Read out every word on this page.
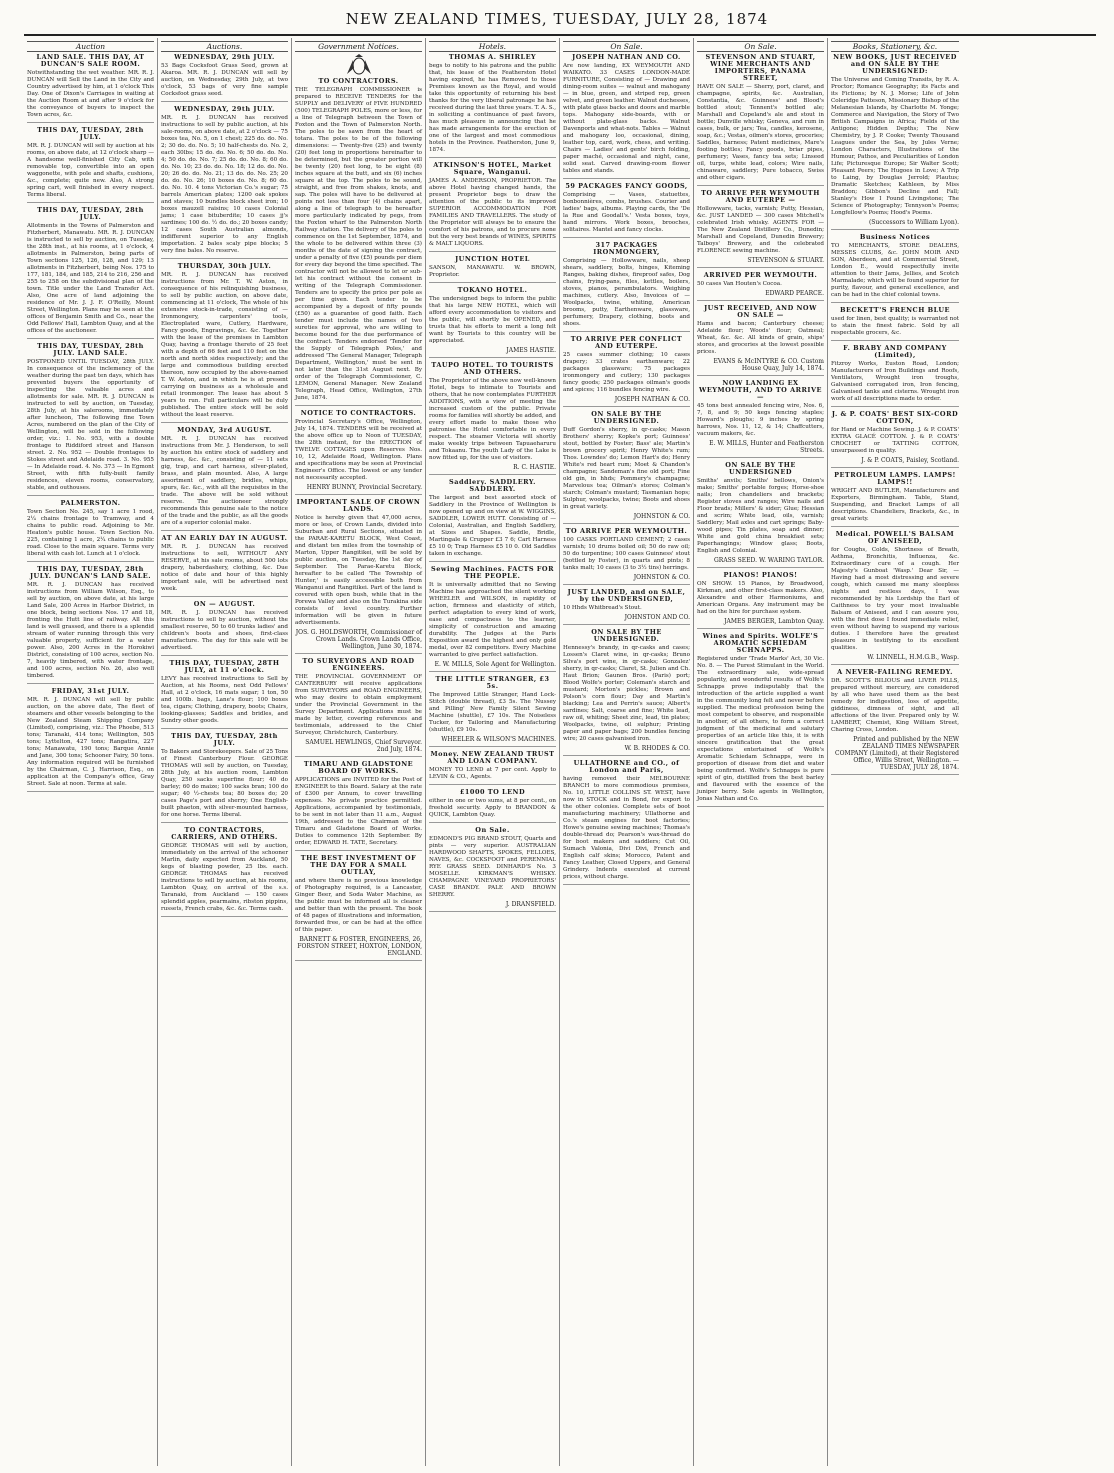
NEW ZEALAND TIMES, TUESDAY, JULY 28, 1874
Auction
LAND SALE. THIS DAY, AT DUNCAN'S SALE ROOM.
Notwithstanding the wet weather. MR. R. J. DUNCAN will Sell the Land in the City and Country advertised by him, at 1 o'clock This Day. One of Dixon's Carriages in waiting at the Auction Room at and after 9 o'clock for the conveyance of buyers to inspect the Town acres, &c.
THIS DAY, TUESDAY, 28th JULY.
MR. R. J. DUNCAN will sell by auction at his rooms, on above date, at 12 o'clock sharp — A handsome well-finished City Cab, with removable top, convertible into an open waggonette, with pole and shafts, cushions, &c., complete; quite new. Also, A strong spring cart, well finished in every respect. Terms liberal.
THIS DAY, TUESDAY, 28th JULY.
Allotments in the Towns of Palmerston and Fitzherbert, Manawatu. MR. R. J. DUNCAN is instructed to sell by auction, on Tuesday, the 28th inst., at his rooms, at 1 o'clock, 4 allotments in Palmerston, being parts of Town sections 125, 126, 128, and 129; 13 allotments in Fitzherbert, being Nos. 175 to 177, 181, 184, and 185, 214 to 216, 256 and 255 to 258 on the subdivisional plan of the town. Title under the Land Transfer Act. Also, One acre of land adjoining the residence of Mr. J. J. F. O'Reilly, Mount Street, Wellington. Plans may be seen at the offices of Benjamin Smith and Co., near the Odd Fellows' Hall, Lambton Quay, and at the offices of the auctioneer.
THIS DAY, TUESDAY, 28th JULY. LAND SALE.
POSTPONED UNTIL TUESDAY, 28th JULY. In consequence of the inclemency of the weather during the past ten days, which has prevented buyers the opportunity of inspecting the valuable acres and allotments for sale. MR. R. J. DUNCAN is instructed to sell by auction, on Tuesday, 28th July, at his salerooms, immediately after luncheon, The following fine Town Acres, numbered on the plan of the City of Wellington, will be sold in the following order, viz.: 1. No. 953, with a double frontage to Riddiford street and Hanson street. 2. No. 952 — Double frontages to Stokes street and Adelaide road. 3. No. 955 — In Adelaide road. 4. No. 373 — In Egmont Street, with fifth fully-built family residences, eleven rooms, conservatory, stable, and outhouses.
PALMERSTON.
Town Section No. 245, say 1 acre 1 rood, 2¼ chains frontage to Tramway, and 4 chains to public road. Adjoining to Mr. Heaton's public house. Town Section No. 225, containing 1 acre, 2¼ chains to public road. Close to the main square. Terms very liberal with cash lot. Lunch at 1 o'clock.
THIS DAY, TUESDAY, 28th JULY. DUNCAN'S LAND SALE.
MR. R. J. DUNCAN has received instructions from William Wilson, Esq., to sell by auction, on above date, at his large Land Sale, 200 Acres in Harbor District, in one block, being sections Nos. 17 and 18, fronting the Hutt line of railway. All this land is well grassed, and there is a splendid stream of water running through this very valuable property, sufficient for a water power. Also, 200 Acres in the Horokiwi District, consisting of 100 acres, section No. 7, heavily timbered, with water frontage, and 100 acres, section No. 26, also well timbered.
FRIDAY, 31st JULY.
MR. R. J. DUNCAN will sell by public auction, on the above date, The fleet of steamers and other vessels belonging to the New Zealand Steam Shipping Company (Limited), comprising, viz.: The Phoebe, 513 tons; Taranaki, 414 tons; Wellington, 505 tons; Lyttelton, 427 tons; Rangatira, 227 tons; Manawatu, 190 tons; Barque Annie and Jane, 300 tons; Schooner Fairy, 50 tons. Any information required will be furnished by the Chairman, C. J. Harrison, Esq., on application at the Company's office, Gray Street. Sale at noon. Terms at sale.
Auctions.
WEDNESDAY, 29th JULY.
53 Bags Cocksfoot Grass Seed, grown at Akaroa. MR. R. J. DUNCAN will sell by auction, on Wednesday, 29th July, at two o'clock, 53 bags of very fine sample Cocksfoot grass seed.
WEDNESDAY, 29th JULY.
MR. R. J. DUNCAN has received instructions to sell by public auction, at his sale-rooms, on above date, at 2 o'clock — 75 boxes tea, No. 5, on 1 chest; 225 do. do. No. 2; 30 do. do. No. 5; 10 half-chests do. No. 2, each 30lbs; 15 do. do. No. 6; 50 do. do. No. 4; 50 do. do. No. 7; 25 do. do. No. 8; 60 do. do. No. 10; 23 do. do. No. 18; 12 do. do. No. 20; 26 do. do. No. 21; 13 do. do. No. 25; 20 do. do. No. 26; 10 boxes do. No. 8; 60 do. do. No. 10. 4 tons Victorian Co.'s sugar; 75 barrels American plates; 1200 oak spokes and staves; 10 bundles block sheet iron; 10 boxes mauzell raisins; 10 cases Colonial jams; 1 case bituberdite; 10 cases jj's sardines; 100 do. ½ do. do.; 20 boxes candy; 12 cases South Australian almonds, indifferent superior to any English importation. 2 bales scaly pipe blocks; 5 very fine bales. No reserve.
THURSDAY, 30th JULY.
MR. R. J. DUNCAN has received instructions from Mr. T. W. Aston, in consequence of his relinquishing business, to sell by public auction, on above date, commencing at 11 o'clock, The whole of his extensive stock-in-trade, consisting of — Ironmongery, carpenters' tools, Electroplated ware, Cutlery, Hardware, Fancy goods, Engravings, &c. &c. Together with the lease of the premises in Lambton Quay, having a frontage thereto of 25 feet with a depth of 66 feet and 110 feet on the north and north sides respectively; and the large and commodious building erected thereon, now occupied by the above-named T. W. Aston, and in which he is at present carrying on business as a wholesale and retail ironmonger. The lease has about 5 years to run. Full particulars will be duly published. The entire stock will be sold without the least reserve.
MONDAY, 3rd AUGUST.
MR. R. J. DUNCAN has received instructions from Mr. J. Henderson, to sell by auction his entire stock of saddlery and harness, &c. &c., consisting of — 11 sets gig, trap, and cart harness, silver-plated, brass, and plain mounted. Also, A large assortment of saddlery, bridles, whips, spurs, &c. &c., with all the requisites in the trade. The above will be sold without reserve. The auctioneer strongly recommends this genuine sale to the notice of the trade and the public, as all the goods are of a superior colonial make.
AT AN EARLY DAY IN AUGUST.
MR. R. J. DUNCAN has received instructions to sell, WITHOUT ANY RESERVE, at his sale rooms, about 500 lots drapery, haberdashery, clothing, &c. Due notice of date and hour of this highly important sale, will be advertised next week.
ON — AUGUST.
MR. R. J. DUNCAN has received instructions to sell by auction, without the smallest reserve, 50 to 60 trunks ladies' and children's boots and shoes, first-class manufacture. The day for this sale will be advertised.
THIS DAY, TUESDAY, 28TH JULY, at 11 o'clock.
LEVY has received instructions to Sell by Auction, at his Rooms, next Odd Fellows' Hall, at 2 o'clock, 16 mats sugar; 1 ton, 50 and 100lb. bags, Lane's flour; 100 boxes tea, cigars; Clothing, drapery, boots; Chairs, looking-glasses; Saddles and bridles, and Sundry other goods.
THIS DAY, TUESDAY, 28th JULY.
To Bakers and Storekeepers. Sale of 25 Tons of Finest Canterbury Flour. GEORGE THOMAS will sell by auction, on Tuesday, 28th July, at his auction room, Lambton Quay, 250 sacks superfine flour; 40 do barley; 60 do maize; 100 sacks bran; 100 do sugar; 40 ½-chests tea; 80 boxes do; 20 cases Page's port and sherry; One English-built phaeton, with silver-mounted harness, for one horse. Terms liberal.
TO CONTRACTORS, CARRIERS, AND OTHERS.
GEORGE THOMAS will sell by auction, immediately on the arrival of the schooner Marlin, daily expected from Auckland, 50 kegs of blasting powder, 25 lbs. each. GEORGE THOMAS has received instructions to sell by auction, at his rooms, Lambton Quay, on arrival of the s.s. Taranaki, from Auckland — 150 cases splendid apples, pearmains, ribston pippins, russets, French crabs, &c. &c. Terms cash.
Government Notices.
TO CONTRACTORS.
THE TELEGRAPH COMMISSIONER is prepared to RECEIVE TENDERS for the SUPPLY and DELIVERY of FIVE HUNDRED (500) TELEGRAPH POLES, more or less, for a line of Telegraph between the Town of Foxton and the Town of Palmerston North. The poles to be sawn from the heart of totara. The poles to be of the following dimensions: — Twenty-five (25) and twenty (20) feet long in proportions hereinafter to be determined, but the greater portion will be twenty (20) feet long, to be eight (8) inches square at the butt, and six (6) inches square at the top. The poles to be sound, straight, and free from shakes, knots, and sap. The poles will have to be delivered at points not less than four (4) chains apart, along a line of telegraph to be hereafter more particularly indicated by pegs, from the Foxton wharf to the Palmerston North Railway station. The delivery of the poles to commence on the 1st September, 1874, and the whole to be delivered within three (3) months of the date of signing the contract, under a penalty of five (£5) pounds per diem for every day beyond the time specified. The contractor will not be allowed to let or sub-let his contract without the consent in writing of the Telegraph Commissioner. Tenders are to specify the price per pole as per time given. Each tender to be accompanied by a deposit of fifty pounds (£50) as a guarantee of good faith. Each tender must include the names of two sureties for approval, who are willing to become bound for the due performance of the contract. Tenders endorsed 'Tender for the Supply of Telegraph Poles,' and addressed 'The General Manager, Telegraph Department, Wellington,' must be sent in not later than the 31st August next. By order of the Telegraph Commissioner, C. LEMON, General Manager. New Zealand Telegraph, Head Office, Wellington, 27th June, 1874.
NOTICE TO CONTRACTORS.
Provincial Secretary's Office, Wellington, July 14, 1874. TENDERS will be received at the above office up to Noon of TUESDAY, the 28th instant, for the ERECTION of TWELVE COTTAGES upon Reserves Nos. 10, 12, Adelaide Road, Wellington. Plans and specifications may be seen at Provincial Engineer's Office. The lowest or any tender not necessarily accepted.
HENRY BUNNY, Provincial Secretary.
IMPORTANT SALE OF CROWN LANDS.
Notice is hereby given that 47,000 acres, more or less, of Crown Lands, divided into Suburban and Rural Sections, situated in the PARAE-KARETU BLOCK, West Coast, and distant ten miles from the township of Marton, Upper Rangitikei, will be sold by public auction, on Tuesday, the 1st day of September. The Parae-Karetu Block, hereafter to be called 'The Township of Hunter,' is easily accessible both from Wanganui and Rangitikei. Part of the land is covered with open bush, while that in the Porewa Valley and also on the Turakina side consists of level country. Further information will be given in future advertisements.
JOS. G. HOLDSWORTH, Commissioner of Crown Lands. Crown Lands Office, Wellington, June 30, 1874.
TO SURVEYORS AND ROAD ENGINEERS.
THE PROVINCIAL GOVERNMENT OF CANTERBURY will receive applications from SURVEYORS and ROAD ENGINEERS, who may desire to obtain employment under the Provincial Government in the Survey Department. Applications must be made by letter, covering references and testimonials, addressed to the Chief Surveyor, Christchurch, Canterbury.
SAMUEL HEWLINGS, Chief Surveyor. 2nd July, 1874.
TIMARU AND GLADSTONE BOARD OF WORKS.
APPLICATIONS are INVITED for the Post of ENGINEER to this Board. Salary at the rate of £300 per Annum, to cover travelling expenses. No private practice permitted. Applications, accompanied by testimonials, to be sent in not later than 11 a.m., August 19th, addressed to the Chairman of the Timaru and Gladstone Board of Works. Duties to commence 12th September. By order, EDWARD H. TATE, Secretary.
THE BEST INVESTMENT OF THE DAY FOR A SMALL OUTLAY,
and where there is no previous knowledge of Photography required, is a Lancaster, Ginger Beer, and Soda Water Machine, as the public must be informed all is cleaner and better than with the present. The book of 48 pages of illustrations and information, forwarded free, or can be had at the office of this paper.
BARNETT & FOSTER, ENGINEERS, 26, FORSTON STREET, HOXTON, LONDON, ENGLAND.
Hotels.
THOMAS A. SHIRLEY
begs to notify to his patrons and the public that, his lease of the Featherston Hotel having expired, he has Removed to those Premises known as the Royal, and would take this opportunity of returning his best thanks for the very liberal patronage he has received during the last three years. T. A. S., in soliciting a continuance of past favors, has much pleasure in announcing that he has made arrangements for the erection of one of the largest and most commodious hotels in the Province. Featherston, June 9, 1874.
ATKINSON'S HOTEL, Market Square, Wanganui.
JAMES A. ANDERSON, PROPRIETOR. The above Hotel having changed hands, the present Proprietor begs to draw the attention of the public to its improved SUPERIOR ACCOMMODATION FOR FAMILIES AND TRAVELLERS. The study of the Proprietor will always be to ensure the comfort of his patrons, and to procure none but the very best brands of WINES, SPIRITS & MALT LIQUORS.
JUNCTION HOTEL
SANSON, MANAWATU. W. BROWN, Proprietor.
TOKANO HOTEL.
The undersigned begs to inform the public that his large NEW HOTEL, which will afford every accommodation to visitors and the public, will shortly be OPENED, and trusts that his efforts to merit a long felt want by Tourists to this country will be appreciated.
JAMES HASTIE.
TAUPO HOTEL. TO TOURISTS AND OTHERS.
The Proprietor of the above now well-known Hotel, begs to intimate to Tourists and others, that he now contemplates FURTHER ADDITIONS, with a view of meeting the increased custom of the public. Private rooms for families will shortly be added, and every effort made to make those who patronise the Hotel comfortable in every respect. The steamer Victoria will shortly make weekly trips between Tapuaeharuru and Tokaanu. The youth Lady of the Lake is now fitted up, for the use of visitors.
R. C. HASTIE.
Saddlery. SADDLERY. SADDLERY.
The largest and best assorted stock of Saddlery in the Province of Wellington is now opened up and on view at W. WIGGINS, SADDLER, LOWER HUTT. Consisting of — Colonial, Australian, and English Saddlery, at Sizes and Shapes. Saddle, Bridle, Martingale & Crupper £3 7 6; Cart Harness £5 10 0; Trap Harness £5 10 0. Old Saddles taken in exchange.
Sewing Machines. FACTS FOR THE PEOPLE.
It is universally admitted that no Sewing Machine has approached the silent working WHEELER and WILSON, in rapidity of action, firmness and elasticity of stitch, perfect adaptation to every kind of work, ease and compactness to the learner, simplicity of construction and amazing durability. The Judges at the Paris Exposition award the highest and only gold medal, over 82 competitors. Every Machine warranted to give perfect satisfaction.
E. W. MILLS, Sole Agent for Wellington.
THE LITTLE STRANGER, £3 5s.
The Improved Little Stranger, Hand Lock-Stitch (double thread), £3 5s. The 'Nussey and Pilling' New Family Silent Sewing Machine (shuttle), £7 10s. The Noiseless Tucker, for Tailoring and Manufacturing (shuttle), £9 10s.
WHEELER & WILSON'S MACHINES.
Money. NEW ZEALAND TRUST AND LOAN COMPANY.
MONEY TO LEND at 7 per cent. Apply to LEVIN & CO., Agents.
£1000 TO LEND
either in one or two sums, at 8 per cent., on freehold security. Apply to BRANDON & QUICK, Lambton Quay.
On Sale.
EDMOND'S PIG BRAND STOUT, Quarts and pints — very superior. AUSTRALIAN HARDWOOD SHAFTS, SPOKES, FELLOES, NAVES, &c. COCKSFOOT and PERENNIAL RYE GRASS SEED. DINHARD'S No. 3 MOSELLE. KIRKMAN'S WHISKY. CHAMPAGNE VINEYARD PROPRIETORS' CASE BRANDY. PALE AND BROWN SHERRY.
J. DRANSFIELD.
On Sale.
JOSEPH NATHAN AND CO.
Are now landing, EX WEYMOUTH AND WAIKATO. 33 CASES LONDON-MADE FURNITURE, Consisting of — Drawing and dining-room suites — walnut and mahogany — in blue, green, and striped rep, green velvet, and green leather. Walnut duchesses, with plate glass backs and doors and marble tops. Mahogany side-boards, with or without plate-glass backs. Walnut Davenports and what-nots. Tables — Walnut and mahogany loo, occasional, dining, leather top, card, work, chess, and writing. Chairs — Ladies' and gents' birch folding, paper maché, occasional and night, cane, solid seat. Carved drawing-room flower tables and stands.
59 PACKAGES FANCY GOODS,
Comprising — Vases, statuettes, bonbonnières, combs, brushes. Courier and ladies' bags, albums. Playing cards, the 'De la Rue and Goodall's.' Vesta boxes, toys, hand mirrors. Work boxes, brooches, solitaires. Mantel and fancy clocks.
317 PACKAGES IRONMONGERY,
Comprising — Hollowware, nails, sheep shears, saddlery, bolts, hinges, Kiteming Ranges, baking dishes, fireproof safes, Dog chains, frying-pans, files, kettles, boilers, stoves, pianos, perambulators. Weighing machines, cutlery. Also, Invoices of — Woolpacks, twine, whiting, American brooms, putty, Earthenware, glassware, perfumery, Drapery, clothing, boots and shoes.
TO ARRIVE PER CONFLICT AND EUTERPE.
25 cases summer clothing; 10 cases drapery; 33 crates earthenware; 22 packages glassware; 75 packages ironmongery and cutlery; 130 packages fancy goods; 250 packages oilman's goods and spices; 116 bundles fencing wire.
JOSEPH NATHAN & CO.
ON SALE BY THE UNDERSIGNED.
Duff Gordon's sherry, in qr-casks; Mason Brothers' sherry; Kopke's port; Guinness' stout, bottled by Foster; Bass' ale; Martin's brown grocery spirit; Henry White's rum; Thos. Lowndes' do; Lemon Hart's do; Henry White's red heart rum; Moet & Chandon's champagne; Sandeman's fine old port; Fine old gin, in hhds; Pommery's champagne; Marvelous tea; Oilman's stores; Colman's starch; Colman's mustard; Tasmanian hops; Sulphur, woolpacks, twine; Boots and shoes in great variety.
JOHNSTON & CO.
TO ARRIVE PER WEYMOUTH.
100 CASKS PORTLAND CEMENT; 2 cases varnish; 10 drums boiled oil; 50 do raw oil; 50 do turpentine; 100 cases Guinness' stout (bottled by Foster), in quarts and pints; 8 tanks malt; 10 cases (3 to 3½ tins) herrings.
JOHNSTON & CO.
JUST LANDED, and on SALE, by the UNDERSIGNED,
10 Hhds Whitbread's Stout.
JOHNSTON AND CO.
ON SALE BY THE UNDERSIGNED.
Hennessy's brandy, in qr-casks and cases; Lossen's Claret wine, in qr-casks; Bruno Silva's port wine, in qr-casks; Gonzalez' sherry, in qr-casks; Claret, St. Julien and Ch. Haut Brion; Gaunen Bros. (Paris) port; Blood Wolfe's porter; Coleman's starch and mustard; Morton's pickles; Brown and Polson's corn flour; Day and Martin's blacking; Lea and Perrin's sauce; Albert's sardines; Salt, coarse and fine; White lead, raw oil, whiting; Sheet zinc, lead, tin plates; Woolpacks, twine, oil sulphur; Printing paper and paper bags; 200 bundles fencing wire; 20 cases galvanised iron.
W. B. RHODES & CO.
ULLATHORNE and CO., of London and Paris,
having removed their MELBOURNE BRANCH to more commodious premises, No. 10, LITTLE COLLINS ST. WEST, have now in STOCK and in Bond, for export to the other colonies. Complete sets of boot manufacturing machinery; Ullathorne and Co.'s steam engines for boot factories; Howe's genuine sewing machines; Thomas's double-thread do; Pearson's wax-thread do for boot makers and saddlers; Cut Oil, Sumach Valonia, Divi Divi, French and English calf skins; Morocco, Patent and Fancy Leather, Closed Uppers, and General Grindery. Indents executed at current prices, without charge.
On Sale.
STEVENSON AND STUART, WINE MERCHANTS AND IMPORTERS, PANAMA STREET,
HAVE ON SALE — Sherry, port, claret, and champagne, spirits, &c. Australian, Constantia, &c. Guinness' and Blood's bottled stout; Tennent's bottled ale; Marshall and Copeland's ale and stout in bottle; Dunville whisky; Geneva, and rum in cases, bulk, or jars; Tea, candles, kerosene, soap, &c.; Vestas, oilmen's stores, groceries; Saddles, harness; Patent medicines, Mare's footing bottles; Fancy goods, briar pipes, perfumery; Vases, fancy tea sets; Linseed oil, turps, white lead, colors; Wire nails, chinaware, saddlery; Pure tobacco, Swiss and other cigars.
TO ARRIVE PER WEYMOUTH AND EUTERPE —
Hollowware, tacks, varnish; Putty, Hessian, &c. JUST LANDED — 300 cases Mitchell's celebrated Irish whisky. AGENTS FOR — The New Zealand Distillery Co., Dunedin; Marshall and Copeland, Dunedin Brewery; Talboys' Brewery, and the celebrated FLORENCE sewing machine.
STEVENSON & STUART.
ARRIVED PER WEYMOUTH.
50 cases Van Houten's Cocoa.
EDWARD PEARCE.
JUST RECEIVED, AND NOW ON SALE —
Hams and bacon; Canterbury cheese; Adelaide flour; Woods' flour; Oatmeal; Wheat, &c. &c. All kinds of grain, ships' stores, and groceries at the lowest possible prices.
EVANS & McINTYRE & CO. Custom House Quay, July 14, 1874.
NOW LANDING EX WEYMOUTH, AND TO ARRIVE —
45 tons best annealed fencing wire, Nos. 6, 7, 8, and 9; 50 kegs fencing staples; Howard's ploughs; 9 inches by spring harrows, Nos. 11, 12, & 14; Chaffcutters, vacuum makers, &c.
E. W. MILLS, Hunter and Featherston Streets.
ON SALE BY THE UNDERSIGNED
Smiths' anvils; Smiths' bellows, Onion's make; Smiths' portable forges; Horse-shoe nails; Iron chandeliers and brackets; Register stoves and ranges; Wire nails and Floor brads; Millers' & sider; Glue; Hessian and scrim; White lead, oils, varnish; Saddlery; Mail axles and cart springs; Baby-wood pipes; Tin plates, soap and dinner; White and gold china breakfast sets; Paperhangings; Window glass; Boots, English and Colonial.
GRASS SEED. W. WARING TAYLOR.
PIANOS! PIANOS!
ON SHOW. 15 Pianos, by Broadwood, Kirkman, and other first-class makers. Also, Alexandre and other Harmoniums, and American Organs. Any instrument may be had on the hire for purchase system.
JAMES BERGER, Lambton Quay.
Wines and Spirits. WOLFE'S AROMATIC SCHIEDAM SCHNAPPS.
Registered under 'Trade Marks' Act, 30 Vic. No. 8. — The Purest Stimulant in the World. The extraordinary sale, wide-spread popularity, and wonderful results of Wolfe's Schnapps prove indisputably that the introduction of the article supplied a want in the community long felt and never before supplied. The medical profession being the most competent to observe, and responsible in another, of all others, to form a correct judgment of the medicinal and salutary properties of an article like this, it is with sincere gratification that the great expectations entertained of Wolfe's Aromatic Schiedam Schnapps, were in proportion of disease from diet and water being confirmed. Wolfe's Schnapps is pure spirit of gin, distilled from the best barley and flavoured with the essence of the juniper berry. Sole agents in Wellington, Jonas Nathan and Co.
Books, Stationery, &c.
NEW BOOKS, JUST RECEIVED and ON SALE BY THE UNDERSIGNED:
The Universe and Coming Transits, by R. A. Proctor; Romance Geography; its Facts and its Fictions; by N. J. Morse; Life of John Coleridge Patteson, Missionary Bishop of the Melanesian Islands, by Charlotte M. Yonge; Commerce and Navigation, the Story of Two British Campaigns in Africa; Fields of the Antigone; Hidden Depths; The New Chemistry, by J. P. Cooke; Twenty Thousand Leagues under the Sea, by Jules Verne; London Characters, Illustrations of the Humour, Pathos, and Peculiarities of London Life; Picturesque Europe; Sir Walter Scott; Pleasant Peers; The Hugoes in Love; A Trip to Laing, by Douglas Jerrold; Plautus; Dramatic Sketches; Kathleen, by Miss Braddon; Gibbon's Decline and Fall; Stanley's How I Found Livingstone; The Science of Photography; Tennyson's Poems; Longfellow's Poems; Hood's Poems.
(Successors to William Lyon).
Business Notices
TO MERCHANTS, STORE DEALERS, MESSES CLUBS, &c. JOHN MOIR AND SON, Aberdeen, and at Commercial Street, London E., would respectfully invite attention to their Jams, Jellies, and Scotch Marmalade; which will be found superior for purity, flavour, and general excellence, and can be had in the chief colonial towns.
BECKETT'S FRENCH BLUE
used for linen, best quality; is warranted not to stain the finest fabric. Sold by all respectable grocers, &c.
F. BRABY AND COMPANY (Limited),
Fitzroy Works, Euston Road, London; Manufacturers of Iron Buildings and Roofs, Ventilators, Wrought iron troughs, Galvanised corrugated iron, Iron fencing, Galvanised tanks and cisterns. Wrought iron work of all descriptions made to order.
J. & P. COATS' BEST SIX-CORD COTTON,
for Hand or Machine Sewing. J. & P. COATS' EXTRA GLACÉ COTTON. J. & P. COATS' CROCHET or TATTING COTTON, unsurpassed in quality.
J. & P. COATS, Paisley, Scotland.
PETROLEUM LAMPS. LAMPS! LAMPS!!
WRIGHT AND BUTLER, Manufacturers and Exporters, Birmingham. Table, Stand, Suspending, and Bracket Lamps of all descriptions. Chandeliers, Brackets, &c., in great variety.
Medical. POWELL'S BALSAM OF ANISEED,
for Coughs, Colds, Shortness of Breath, Asthma, Bronchitis, Influenza, &c. Extraordinary cure of a cough. Her Majesty's Gunboat 'Wasp.' Dear Sir, — Having had a most distressing and severe cough, which caused me many sleepless nights and restless days, I was recommended by his Lordship the Earl of Caithness to try your most invaluable Balsam of Aniseed, and I can assure you, with the first dose I found immediate relief, even without having to suspend my various duties. I therefore have the greatest pleasure in testifying to its excellent qualities.
W. LINNELL, H.M.G.B., Wasp.
A NEVER-FAILING REMEDY.
DR. SCOTT'S BILIOUS and LIVER PILLS, prepared without mercury, are considered by all who have used them as the best remedy for indigestion, loss of appetite, giddiness, dimness of sight, and all affections of the liver. Prepared only by W. LAMBERT, Chemist, King William Street, Charing Cross, London.
Printed and published by the NEW ZEALAND TIMES NEWSPAPER COMPANY (Limited), at their Registered Office, Willis Street, Wellington. — TUESDAY, JULY 28, 1874.
